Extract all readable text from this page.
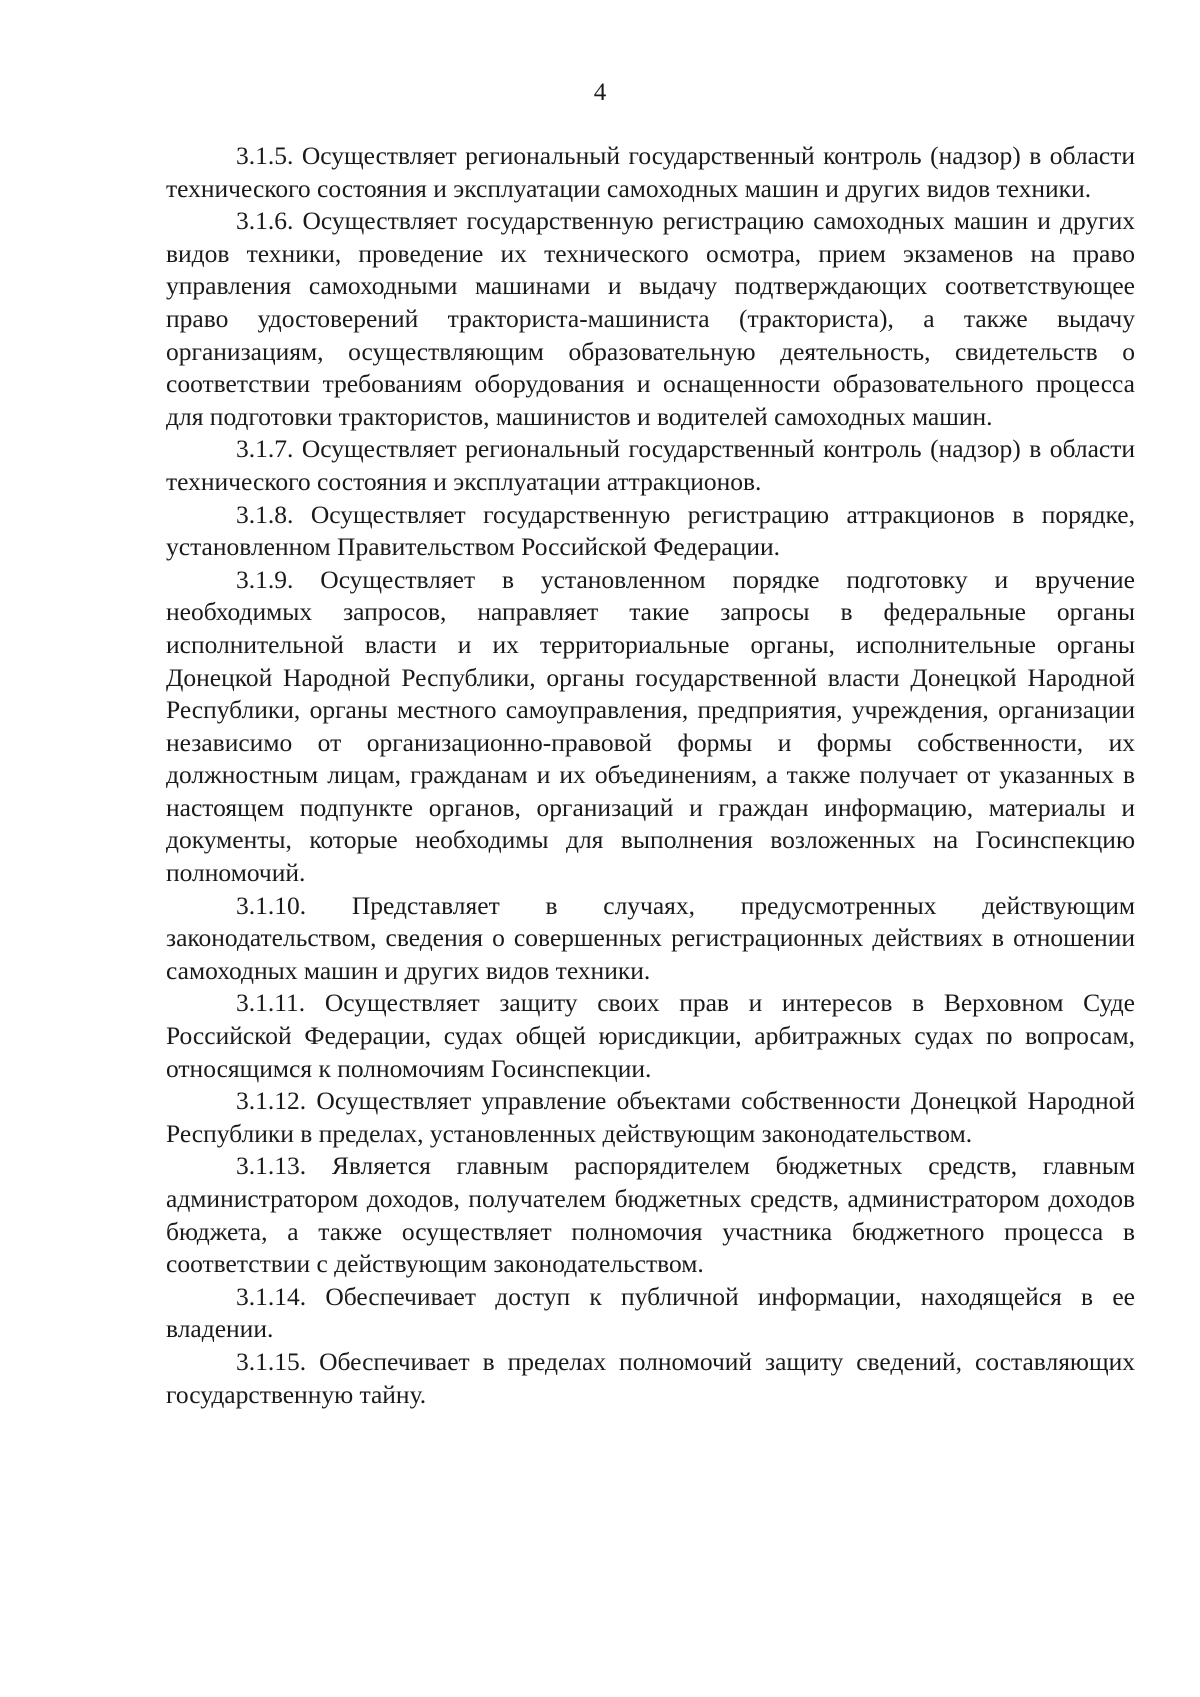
4

3.1.5. Осуществляет региональный государственный контроль (надзор) в области технического состояния и эксплуатации самоходных машин и других видов техники.

3.1.6. Осуществляет государственную регистрацию самоходных машин и других видов техники, проведение их технического осмотра, прием экзаменов на право управления самоходными машинами и выдачу подтверждающих соответствующее право удостоверений тракториста-машиниста (тракториста), а также выдачу организациям, осуществляющим образовательную деятельность, свидетельств о соответствии требованиям оборудования и оснащенности образовательного процесса для подготовки трактористов, машинистов и водителей самоходных машин.

3.1.7. Осуществляет региональный государственный контроль (надзор) в области технического состояния и эксплуатации аттракционов.

3.1.8. Осуществляет государственную регистрацию аттракционов в порядке, установленном Правительством Российской Федерации.

3.1.9. Осуществляет в установленном порядке подготовку и вручение необходимых запросов, направляет такие запросы в федеральные органы исполнительной власти и их территориальные органы, исполнительные органы Донецкой Народной Республики, органы государственной власти Донецкой Народной Республики, органы местного самоуправления, предприятия, учреждения, организации независимо от организационно-правовой формы и формы собственности, их должностным лицам, гражданам и их объединениям, а также получает от указанных в настоящем подпункте органов, организаций и граждан информацию, материалы и документы, которые необходимы для выполнения возложенных на Госинспекцию полномочий.

3.1.10. Представляет в случаях, предусмотренных действующим законодательством, сведения о совершенных регистрационных действиях в отношении самоходных машин и других видов техники.

3.1.11. Осуществляет защиту своих прав и интересов в Верховном Суде Российской Федерации, судах общей юрисдикции, арбитражных судах по вопросам, относящимся к полномочиям Госинспекции.

3.1.12. Осуществляет управление объектами собственности Донецкой Народной Республики в пределах, установленных действующим законодательством.

3.1.13. Является главным распорядителем бюджетных средств, главным администратором доходов, получателем бюджетных средств, администратором доходов бюджета, а также осуществляет полномочия участника бюджетного процесса в соответствии с действующим законодательством.

3.1.14. Обеспечивает доступ к публичной информации, находящейся в ее владении.

3.1.15. Обеспечивает в пределах полномочий защиту сведений, составляющих государственную тайну.
